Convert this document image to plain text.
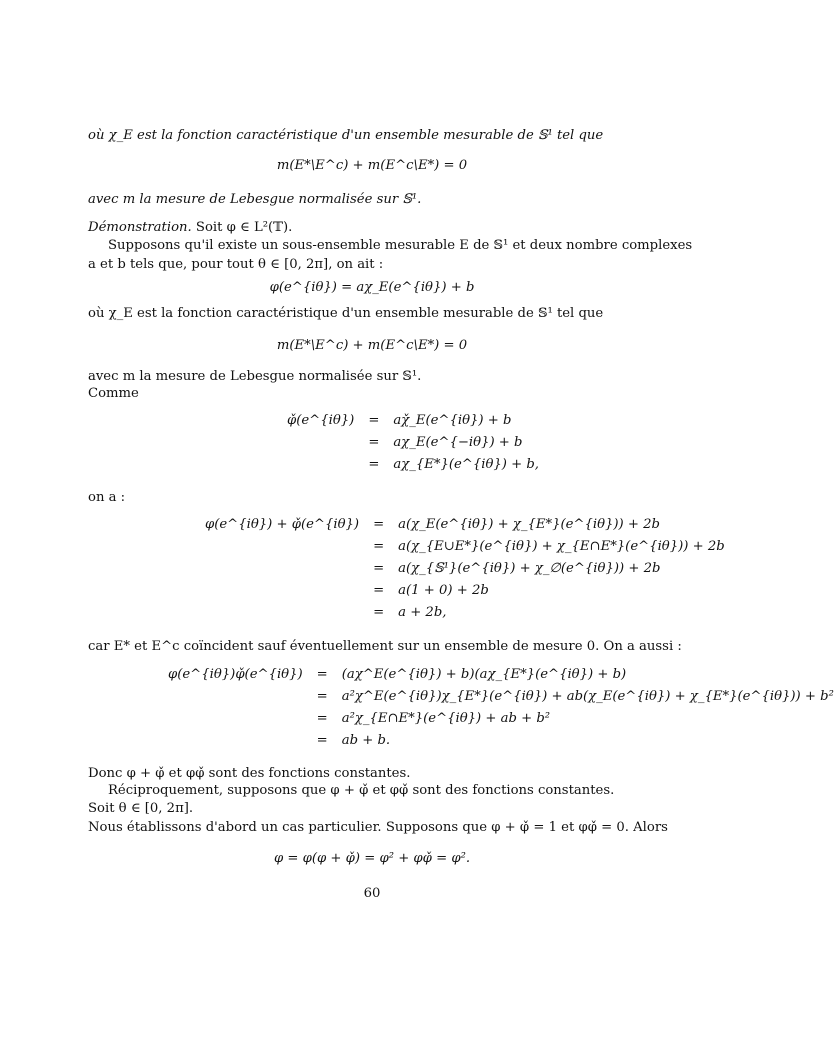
où χ_E est la fonction caractéristique d'un ensemble mesurable de 𝕊¹ tel que
m(E*\E^c) + m(E^c\E*) = 0
avec m la mesure de Lebesgue normalisée sur 𝕊¹.
Démonstration. Soit φ ∈ L²(𝕋).
Supposons qu'il existe un sous-ensemble mesurable E de 𝕊¹ et deux nombre complexes
a et b tels que, pour tout θ ∈ [0, 2π], on ait :
φ(e^{iθ}) = aχ_E(e^{iθ}) + b
où χ_E est la fonction caractéristique d'un ensemble mesurable de 𝕊¹ tel que
m(E*\E^c) + m(E^c\E*) = 0
avec m la mesure de Lebesgue normalisée sur 𝕊¹.
Comme
φ̌(e^{iθ})	=	aχ̌_E(e^{iθ}) + b
	=	aχ_E(e^{−iθ}) + b
	=	aχ_{E*}(e^{iθ}) + b,
on a :
φ(e^{iθ}) + φ̌(e^{iθ})	=	a(χ_E(e^{iθ}) + χ_{E*}(e^{iθ})) + 2b
	=	a(χ_{E∪E*}(e^{iθ}) + χ_{E∩E*}(e^{iθ})) + 2b
	=	a(χ_{𝕊¹}(e^{iθ}) + χ_∅(e^{iθ})) + 2b
	=	a(1 + 0) + 2b
	=	a + 2b,
car E* et E^c coïncident sauf éventuellement sur un ensemble de mesure 0. On a aussi :
φ(e^{iθ})φ̌(e^{iθ})	=	(aχ^E(e^{iθ}) + b)(aχ_{E*}(e^{iθ}) + b)
	=	a²χ^E(e^{iθ})χ_{E*}(e^{iθ}) + ab(χ_E(e^{iθ}) + χ_{E*}(e^{iθ})) + b²
	=	a²χ_{E∩E*}(e^{iθ}) + ab + b²
	=	ab + b.
Donc φ + φ̌ et φφ̌ sont des fonctions constantes.
Réciproquement, supposons que φ + φ̌ et φφ̌ sont des fonctions constantes.
Soit θ ∈ [0, 2π].
Nous établissons d'abord un cas particulier. Supposons que φ + φ̌ = 1 et φφ̌ = 0. Alors
φ = φ(φ + φ̌) = φ² + φφ̌ = φ².
60
